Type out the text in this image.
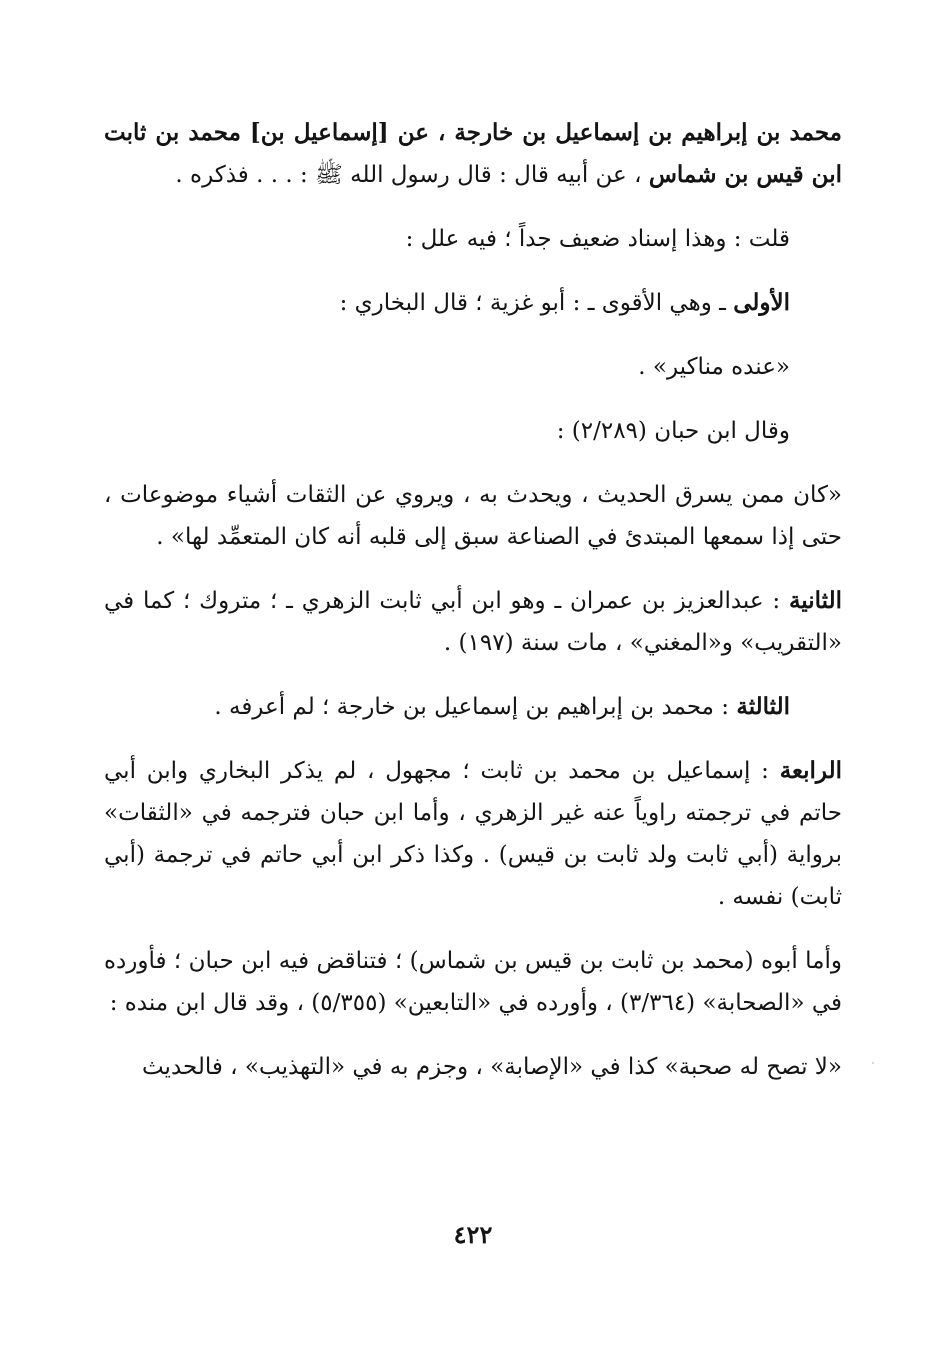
محمد بن إبراهيم بن إسماعيل بن خارجة ، عن [إسماعيل بن] محمد بن ثابت ابن قيس بن شماس ، عن أبيه قال : قال رسول الله ﷺ : . . . فذكره .

قلت : وهذا إسناد ضعيف جداً ؛ فيه علل :

الأولى ـ وهي الأقوى ـ : أبو غزية ؛ قال البخاري :

«عنده مناكير» .

وقال ابن حبان (٢/٢٨٩) :

«كان ممن يسرق الحديث ، ويحدث به ، ويروي عن الثقات أشياء موضوعات ، حتى إذا سمعها المبتدئ في الصناعة سبق إلى قلبه أنه كان المتعمِّد لها» .

الثانية : عبدالعزيز بن عمران ـ وهو ابن أبي ثابت الزهري ـ ؛ متروك ؛ كما في «التقريب» و«المغني» ، مات سنة (١٩٧) .

الثالثة : محمد بن إبراهيم بن إسماعيل بن خارجة ؛ لم أعرفه .

الرابعة : إسماعيل بن محمد بن ثابت ؛ مجهول ، لم يذكر البخاري وابن أبي حاتم في ترجمته راوياً عنه غير الزهري ، وأما ابن حبان فترجمه في «الثقات» برواية (أبي ثابت ولد ثابت بن قيس) . وكذا ذكر ابن أبي حاتم في ترجمة (أبي ثابت) نفسه .

وأما أبوه (محمد بن ثابت بن قيس بن شماس) ؛ فتناقض فيه ابن حبان ؛ فأورده في «الصحابة» (٣/٣٦٤) ، وأورده في «التابعين» (٥/٣٥٥) ، وقد قال ابن منده :

«لا تصح له صحبة» كذا في «الإصابة» ، وجزم به في «التهذيب» ، فالحديث

٤٢٢
